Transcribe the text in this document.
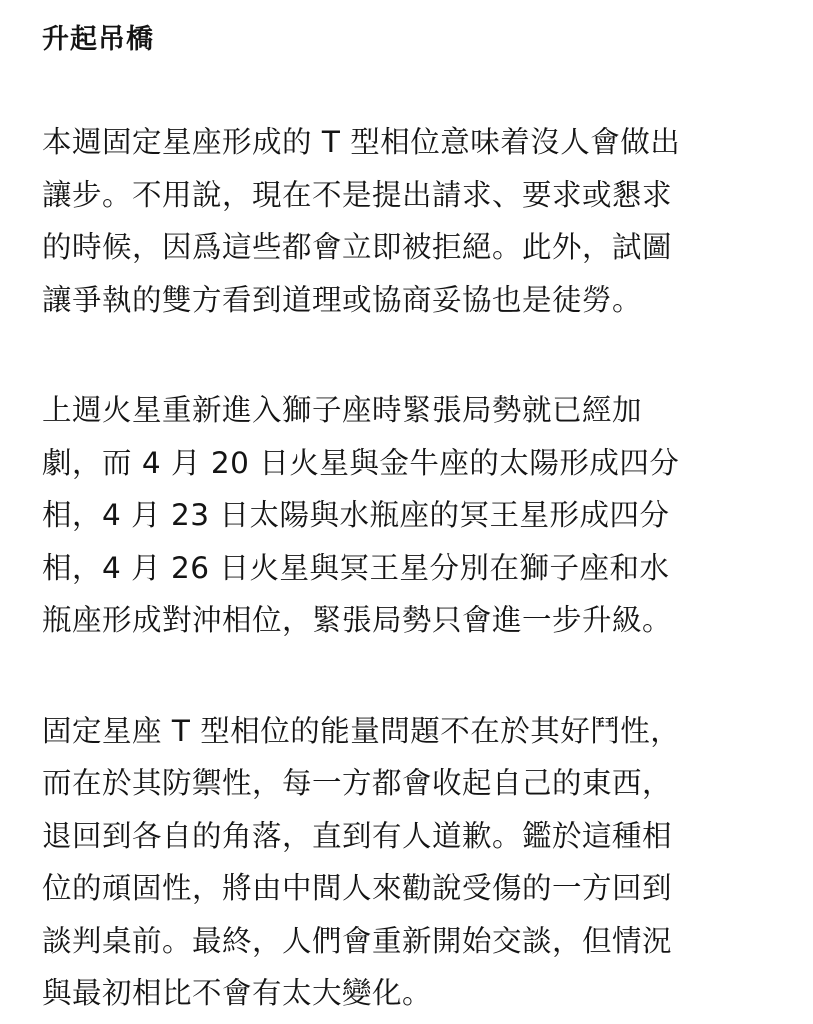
升起吊橋
本週固定星座形成的 T 型相位意味着沒人會做出
讓步。不用說，現在不是提出請求、要求或懇求
的時候，因爲這些都會立即被拒絕。此外，試圖
讓爭執的雙方看到道理或協商妥協也是徒勞。
上週火星重新進入獅子座時緊張局勢就已經加
劇，而 4 月 20 日火星與金牛座的太陽形成四分
相，4 月 23 日太陽與水瓶座的冥王星形成四分
相，4 月 26 日火星與冥王星分別在獅子座和水
瓶座形成對沖相位，緊張局勢只會進一步升級。
固定星座 T 型相位的能量問題不在於其好鬥性，
而在於其防禦性，每一方都會收起自己的東西，
退回到各自的角落，直到有人道歉。鑑於這種相
位的頑固性，將由中間人來勸說受傷的一方回到
談判桌前。最終，人們會重新開始交談，但情況
與最初相比不會有太大變化。
